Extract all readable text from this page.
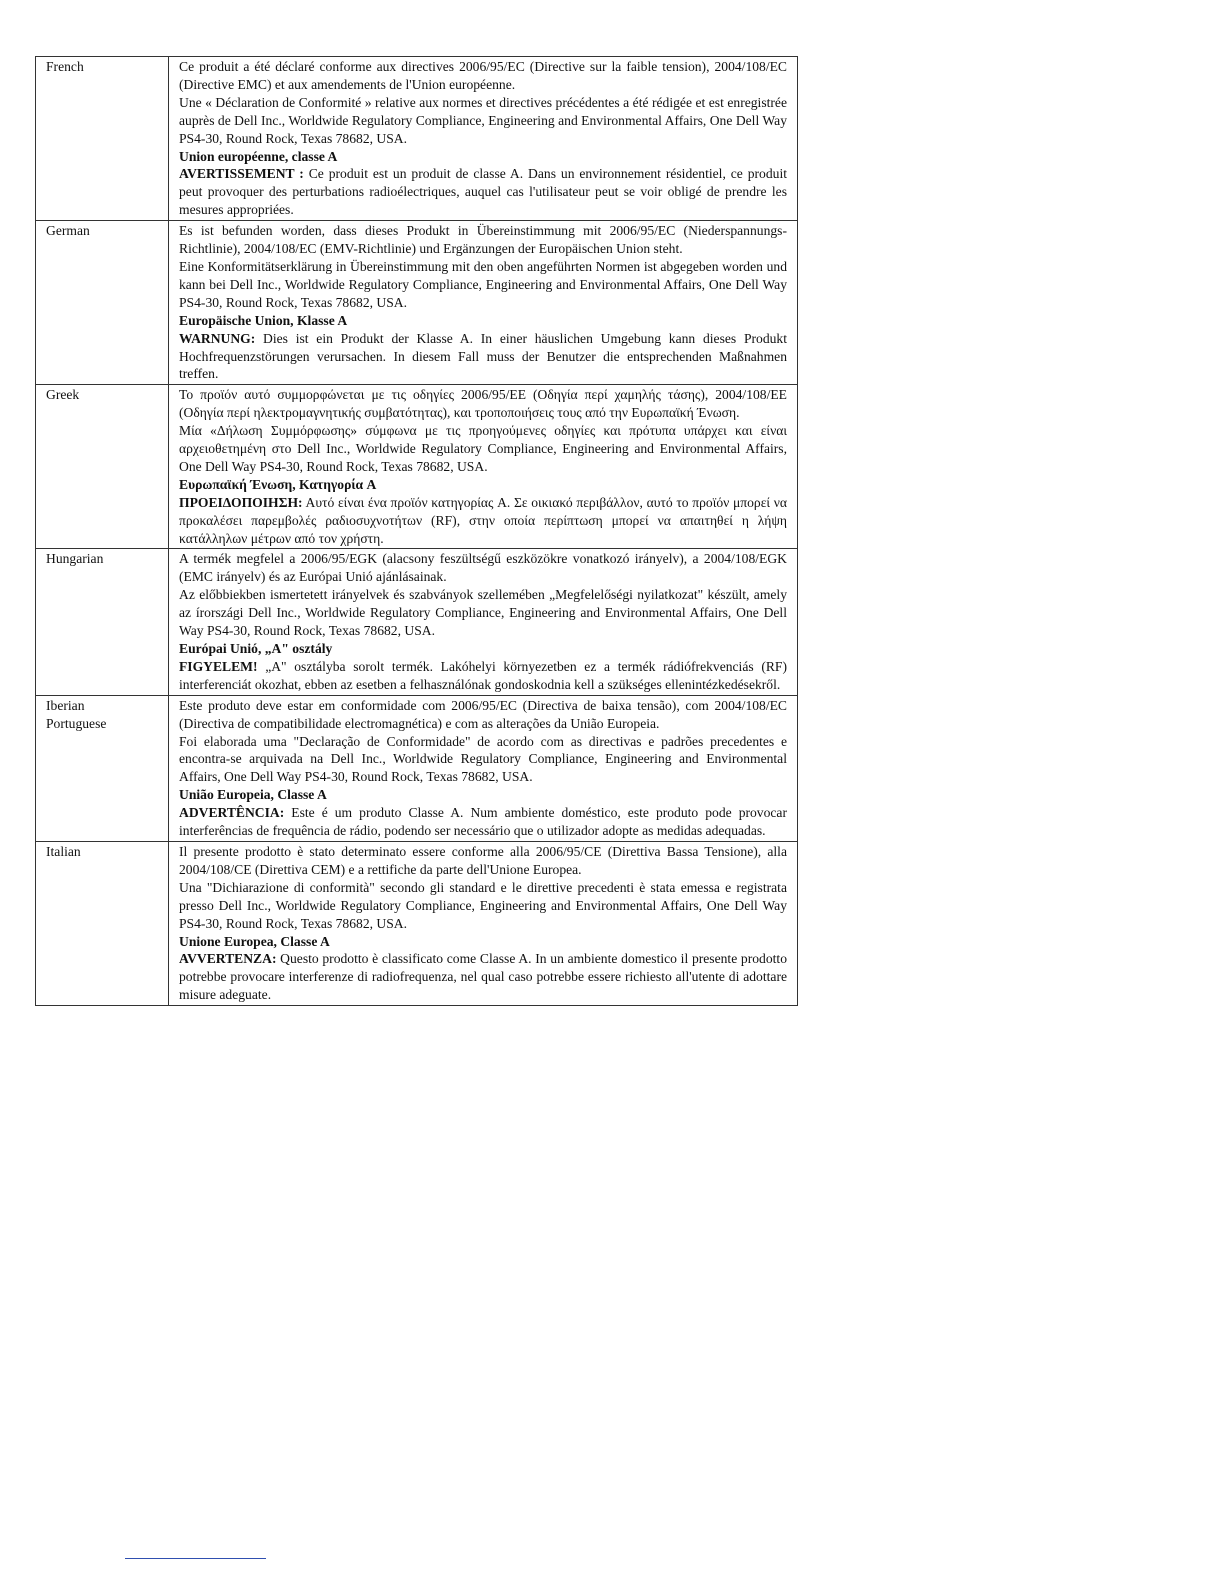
French	Ce produit a été déclaré conforme aux directives 2006/95/EC (Directive sur la faible tension), 2004/108/EC (Directive EMC) et aux amendements de l'Union européenne.

Une « Déclaration de Conformité » relative aux normes et directives précédentes a été rédigée et est enregistrée auprès de Dell Inc., Worldwide Regulatory Compliance, Engineering and Environmental Affairs, One Dell Way PS4-30, Round Rock, Texas 78682, USA.

Union européenne, classe A

AVERTISSEMENT : Ce produit est un produit de classe A. Dans un environnement résidentiel, ce produit peut provoquer des perturbations radioélectriques, auquel cas l'utilisateur peut se voir obligé de prendre les mesures appropriées.

German	Es ist befunden worden, dass dieses Produkt in Übereinstimmung mit 2006/95/EC (Niederspannungs-Richtlinie), 2004/108/EC (EMV-Richtlinie) und Ergänzungen der Europäischen Union steht.

Eine Konformitätserklärung in Übereinstimmung mit den oben angeführten Normen ist abgegeben worden und kann bei Dell Inc., Worldwide Regulatory Compliance, Engineering and Environmental Affairs, One Dell Way PS4-30, Round Rock, Texas 78682, USA.

Europäische Union, Klasse A

WARNUNG: Dies ist ein Produkt der Klasse A. In einer häuslichen Umgebung kann dieses Produkt Hochfrequenzstörungen verursachen. In diesem Fall muss der Benutzer die entsprechenden Maßnahmen treffen.

Greek	Το προϊόν αυτό συμμορφώνεται με τις οδηγίες 2006/95/ΕΕ (Οδηγία περί χαμηλής τάσης), 2004/108/ΕΕ (Οδηγία περί ηλεκτρομαγνητικής συμβατότητας), και τροποποιήσεις τους από την Ευρωπαϊκή Ένωση.

Μία «Δήλωση Συμμόρφωσης» σύμφωνα με τις προηγούμενες οδηγίες και πρότυπα υπάρχει και είναι αρχειοθετημένη στο Dell Inc., Worldwide Regulatory Compliance, Engineering and Environmental Affairs, One Dell Way PS4-30, Round Rock, Texas 78682, USA.

Ευρωπαϊκή Ένωση, Κατηγορία A

ΠΡΟΕΙΔΟΠΟΙΗΣΗ: Αυτό είναι ένα προϊόν κατηγορίας A. Σε οικιακό περιβάλλον, αυτό το προϊόν μπορεί να προκαλέσει παρεμβολές ραδιοσυχνοτήτων (RF), στην οποία περίπτωση μπορεί να απαιτηθεί η λήψη κατάλληλων μέτρων από τον χρήστη.

Hungarian	A termék megfelel a 2006/95/EGK (alacsony feszültségű eszközökre vonatkozó irányelv), a 2004/108/EGK (EMC irányelv) és az Európai Unió ajánlásainak.

Az előbbiekben ismertetett irányelvek és szabványok szellemében „Megfelelőségi nyilatkozat" készült, amely az írországi Dell Inc., Worldwide Regulatory Compliance, Engineering and Environmental Affairs, One Dell Way PS4-30, Round Rock, Texas 78682, USA.

Európai Unió, „A" osztály

FIGYELEM! „A" osztályba sorolt termék. Lakóhelyi környezetben ez a termék rádiófrekvenciás (RF) interferenciát okozhat, ebben az esetben a felhasználónak gondoskodnia kell a szükséges ellenintézkedésekről.

Iberian Portuguese	Este produto deve estar em conformidade com 2006/95/EC (Directiva de baixa tensão), com 2004/108/EC (Directiva de compatibilidade electromagnética) e com as alterações da União Europeia.

Foi elaborada uma "Declaração de Conformidade" de acordo com as directivas e padrões precedentes e encontra-se arquivada na Dell Inc., Worldwide Regulatory Compliance, Engineering and Environmental Affairs, One Dell Way PS4-30, Round Rock, Texas 78682, USA.

União Europeia, Classe A

ADVERTÊNCIA: Este é um produto Classe A. Num ambiente doméstico, este produto pode provocar interferências de frequência de rádio, podendo ser necessário que o utilizador adopte as medidas adequadas.

Italian	Il presente prodotto è stato determinato essere conforme alla 2006/95/CE (Direttiva Bassa Tensione), alla 2004/108/CE (Direttiva CEM) e a rettifiche da parte dell'Unione Europea.

Una "Dichiarazione di conformità" secondo gli standard e le direttive precedenti è stata emessa e registrata presso Dell Inc., Worldwide Regulatory Compliance, Engineering and Environmental Affairs, One Dell Way PS4-30, Round Rock, Texas 78682, USA.

Unione Europea, Classe A

AVVERTENZA: Questo prodotto è classificato come Classe A. In un ambiente domestico il presente prodotto potrebbe provocare interferenze di radiofrequenza, nel qual caso potrebbe essere richiesto all'utente di adottare misure adeguate.
